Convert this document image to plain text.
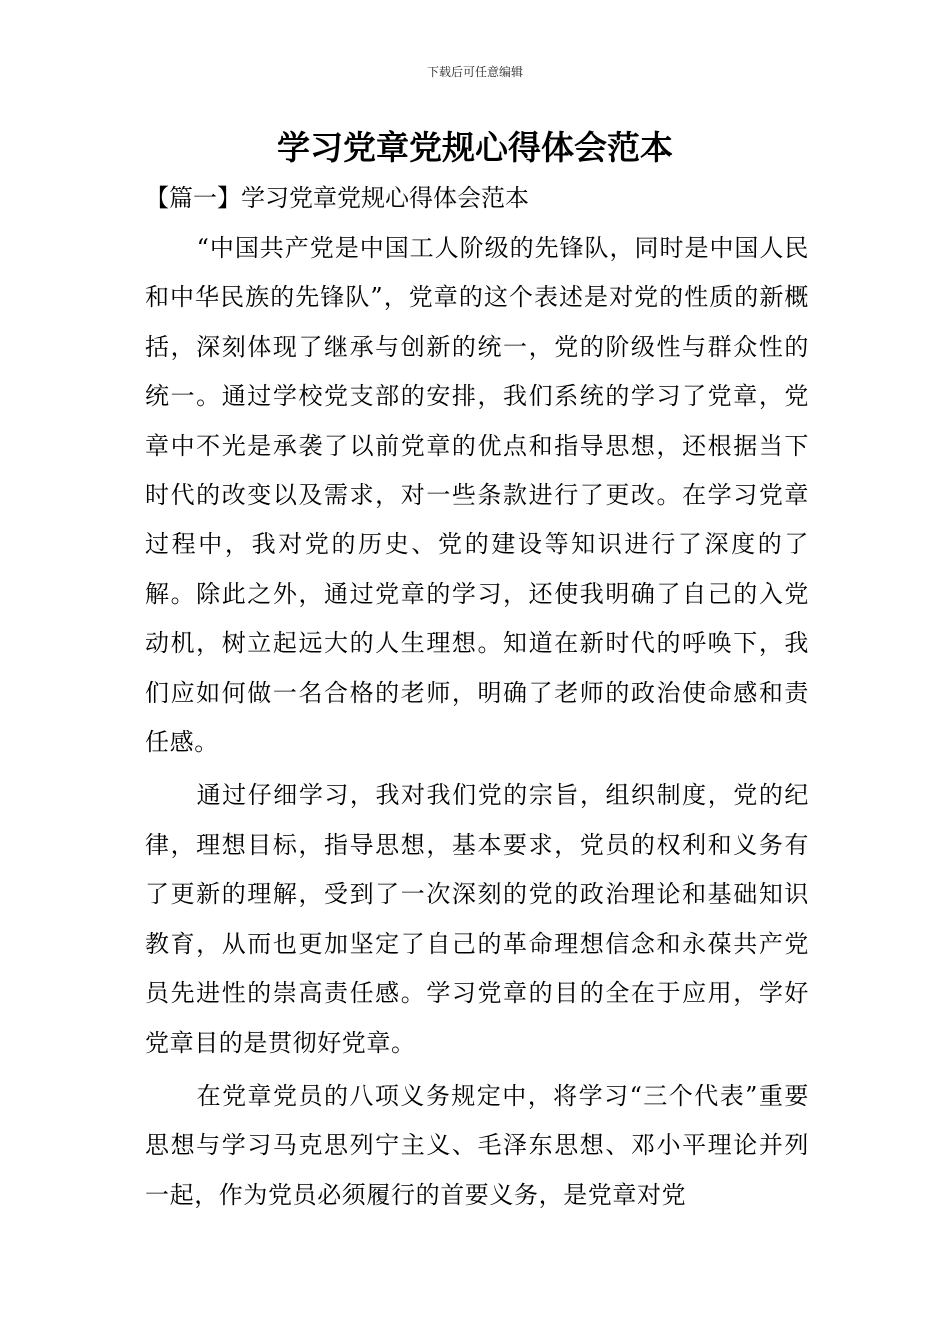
下载后可任意编辑
学习党章党规心得体会范本
【篇一】学习党章党规心得体会范本

“中国共产党是中国工人阶级的先锋队，同时是中国人民和中华民族的先锋队”，党章的这个表述是对党的性质的新概括，深刻体现了继承与创新的统一，党的阶级性与群众性的统一。通过学校党支部的安排，我们系统的学习了党章，党章中不光是承袭了以前党章的优点和指导思想，还根据当下时代的改变以及需求，对一些条款进行了更改。在学习党章过程中，我对党的历史、党的建设等知识进行了深度的了解。除此之外，通过党章的学习，还使我明确了自己的入党动机，树立起远大的人生理想。知道在新时代的呼唤下，我们应如何做一名合格的老师，明确了老师的政治使命感和责任感。

通过仔细学习，我对我们党的宗旨，组织制度，党的纪律，理想目标，指导思想，基本要求，党员的权利和义务有了更新的理解，受到了一次深刻的党的政治理论和基础知识教育，从而也更加坚定了自己的革命理想信念和永葆共产党员先进性的崇高责任感。学习党章的目的全在于应用，学好党章目的是贯彻好党章。

在党章党员的八项义务规定中，将学习“三个代表”重要思想与学习马克思列宁主义、毛泽东思想、邓小平理论并列一起，作为党员必须履行的首要义务，是党章对党
